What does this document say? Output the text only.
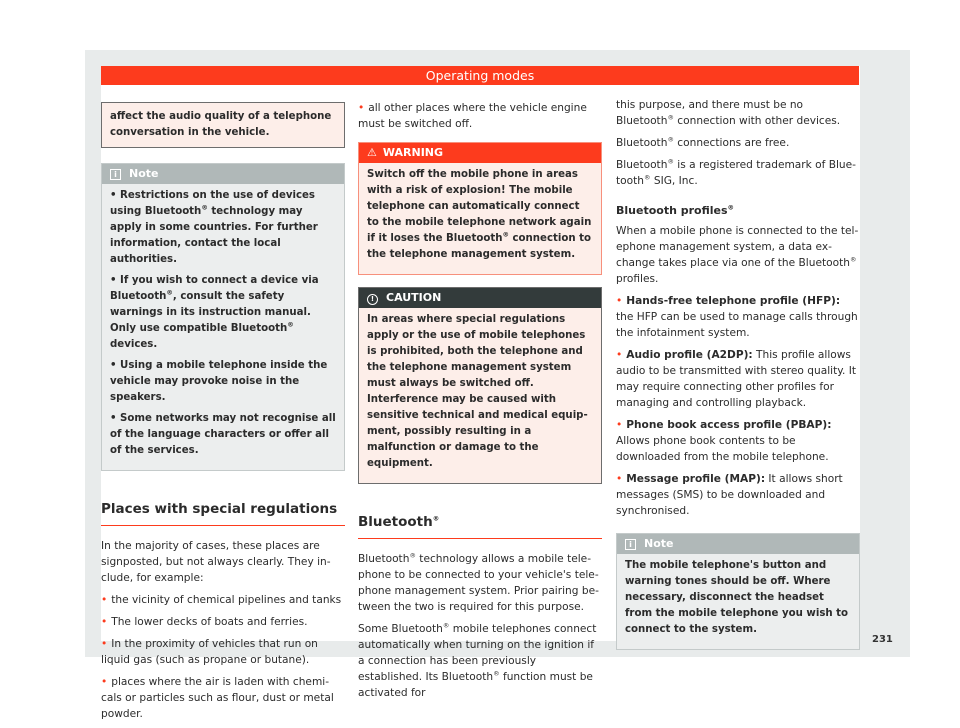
Operating modes
affect the audio quality of a telephone conversation in the vehicle.
i Note

• Restrictions on the use of devices using Bluetooth® technology may apply in some countries. For further information, contact the local authorities.

• If you wish to connect a device via Bluetooth®, consult the safety warnings in its instruction manual. Only use compatible Bluetooth® devices.

• Using a mobile telephone inside the vehicle may provoke noise in the speakers.

• Some networks may not recognise all of the language characters or offer all of the services.

Places with special regulations

In the majority of cases, these places are signposted, but not always clearly. They include, for example:

• the vicinity of chemical pipelines and tanks

• The lower decks of boats and ferries.

• In the proximity of vehicles that run on liquid gas (such as propane or butane).

• places where the air is laden with chemicals or particles such as flour, dust or metal powder.

• all other places where the vehicle engine must be switched off.

⚠ WARNING

Switch off the mobile phone in areas with a risk of explosion! The mobile telephone can automatically connect to the mobile telephone network again if it loses the Bluetooth® connection to the telephone management system.

! CAUTION

In areas where special regulations apply or the use of mobile telephones is prohibited, both the telephone and the telephone management system must always be switched off. Interference may be caused with sensitive technical and medical equipment, possibly resulting in a malfunction or damage to the equipment.

Bluetooth®

Bluetooth® technology allows a mobile telephone to be connected to your vehicle's telephone management system. Prior pairing between the two is required for this purpose.

Some Bluetooth® mobile telephones connect automatically when turning on the ignition if a connection has been previously established. Its Bluetooth® function must be activated for

this purpose, and there must be no Bluetooth® connection with other devices.

Bluetooth® connections are free.

Bluetooth® is a registered trademark of Bluetooth® SIG, Inc.

Bluetooth profiles®

When a mobile phone is connected to the telephone management system, a data exchange takes place via one of the Bluetooth® profiles.

• Hands-free telephone profile (HFP): the HFP can be used to manage calls through the infotainment system.

• Audio profile (A2DP): This profile allows audio to be transmitted with stereo quality. It may require connecting other profiles for managing and controlling playback.

• Phone book access profile (PBAP): Allows phone book contents to be downloaded from the mobile telephone.

• Message profile (MAP): It allows short messages (SMS) to be downloaded and synchronised.

i Note

The mobile telephone's button and warning tones should be off. Where necessary, disconnect the headset from the mobile telephone you wish to connect to the system.

231
